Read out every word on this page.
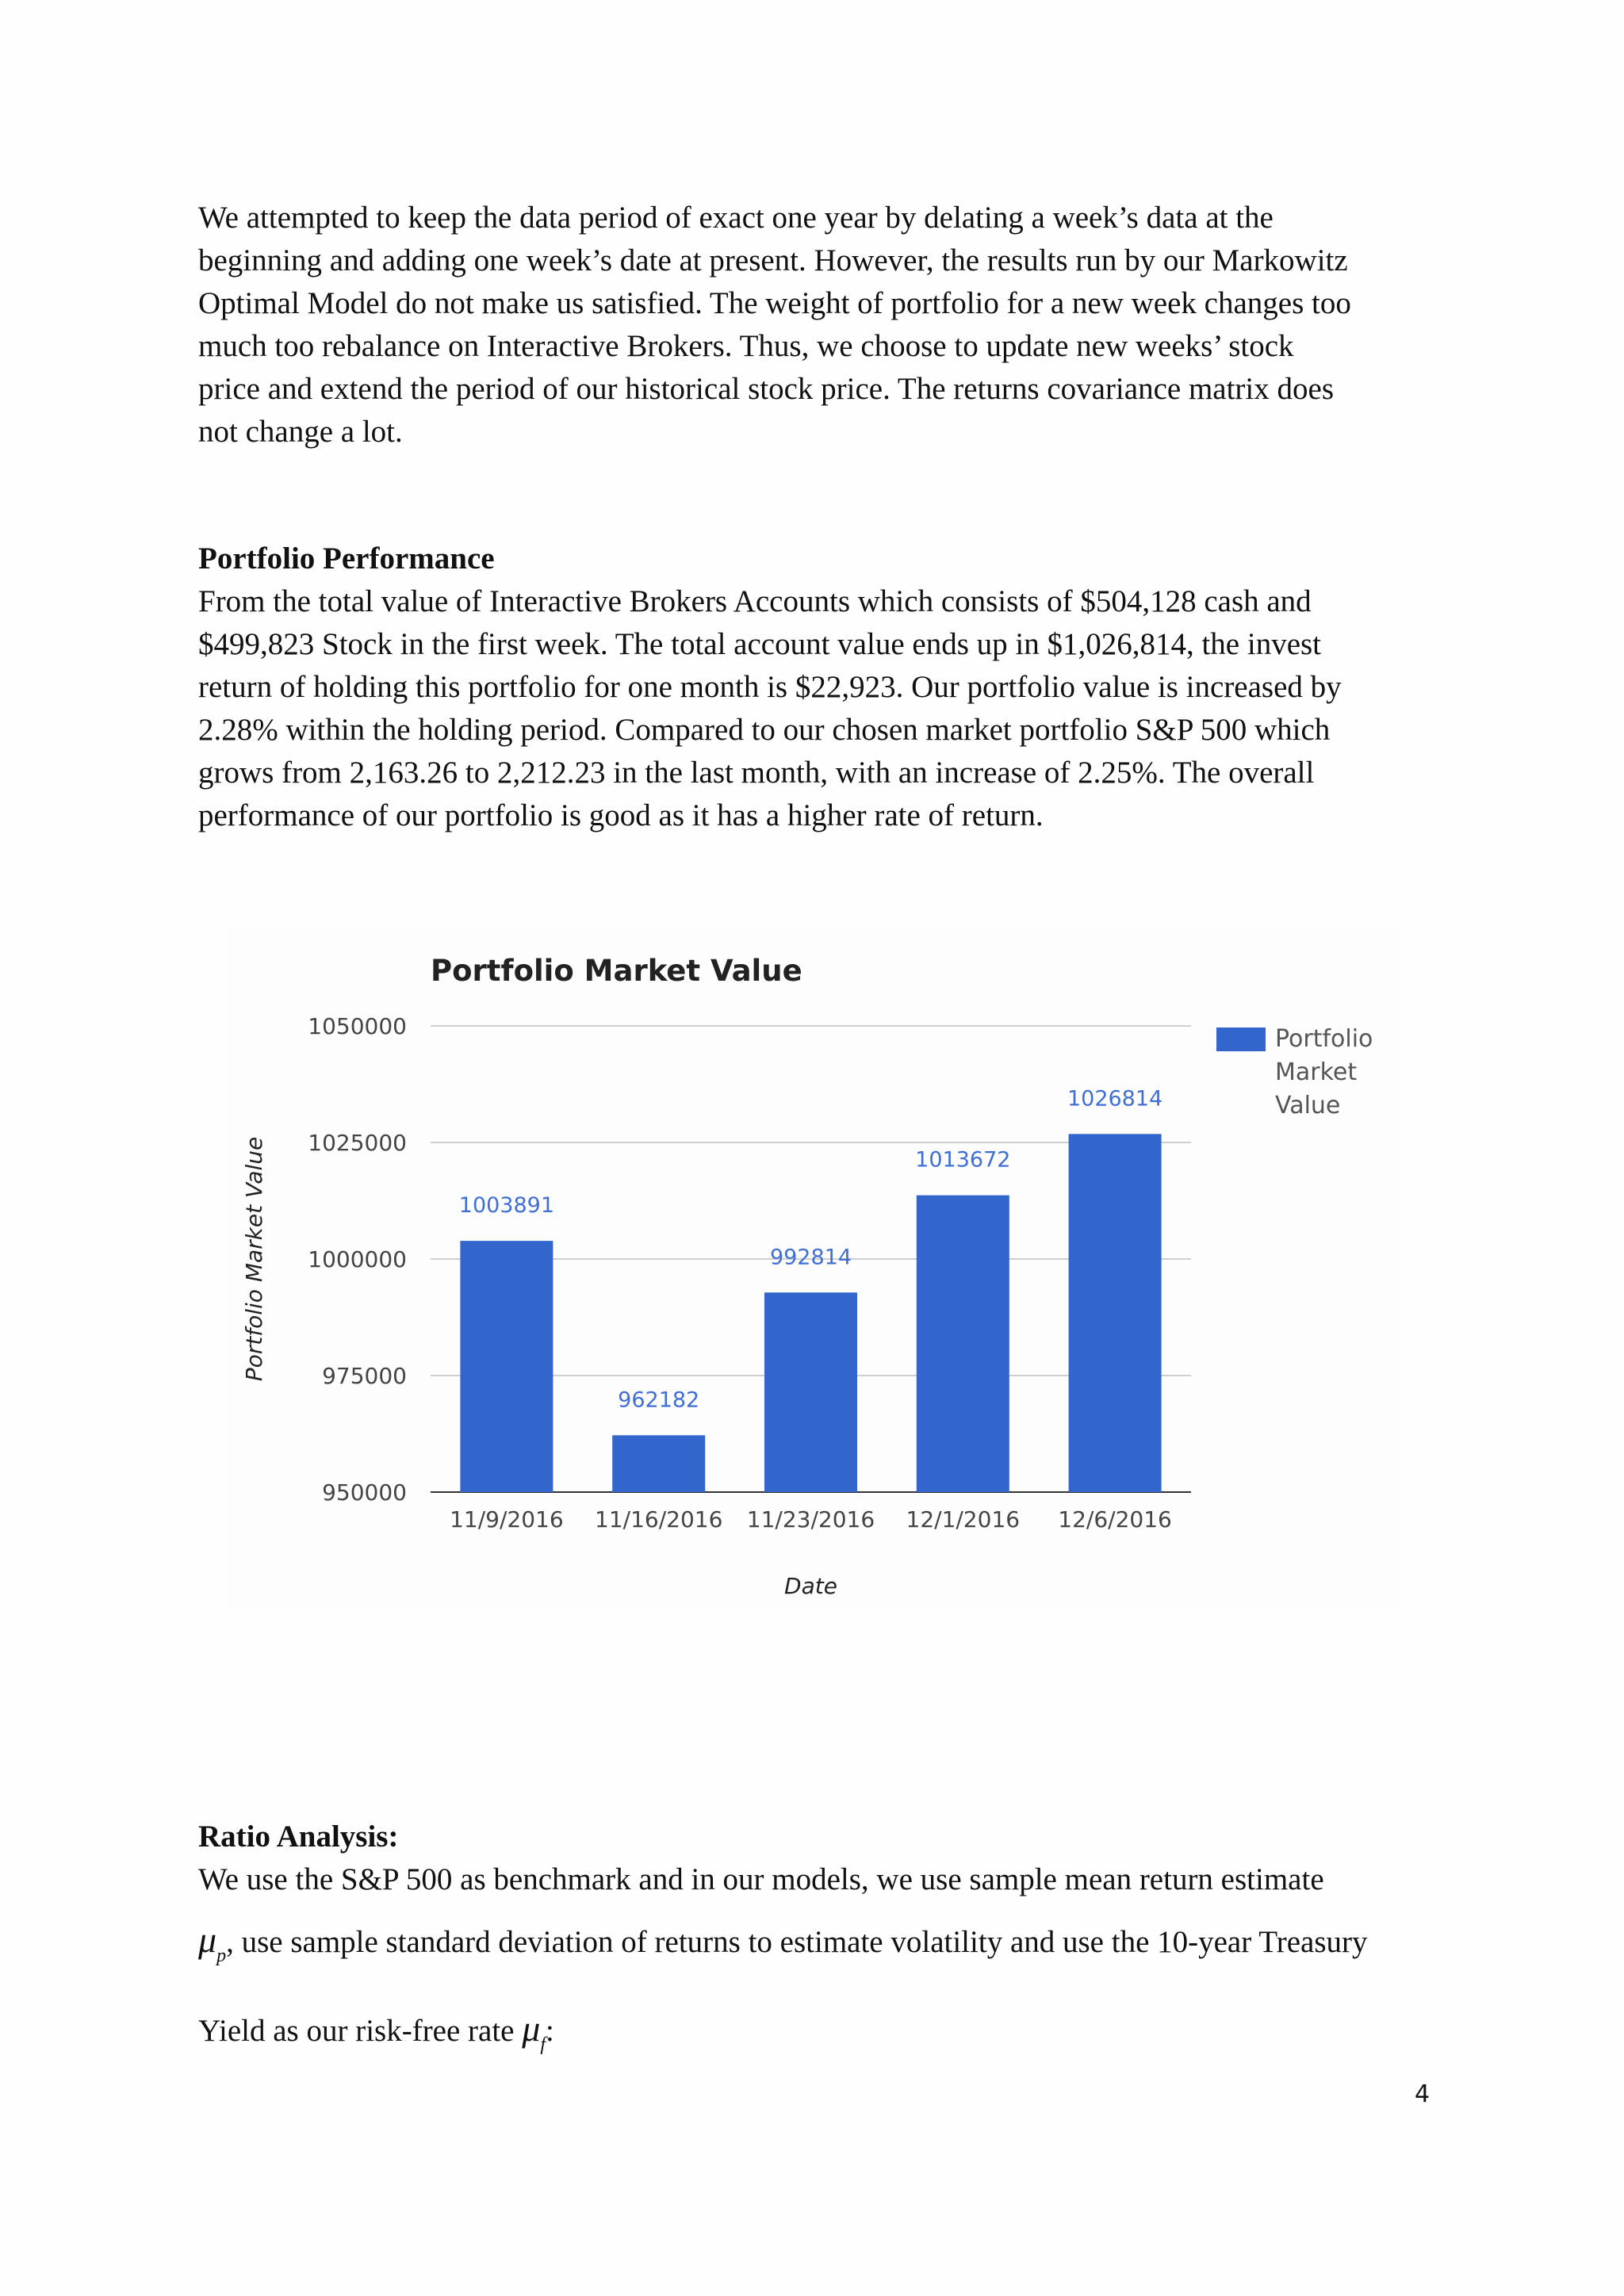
We attempted to keep the data period of exact one year by delating a week’s data at the
beginning and adding one week’s date at present. However, the results run by our Markowitz
Optimal Model do not make us satisfied. The weight of portfolio for a new week changes too
much too rebalance on Interactive Brokers. Thus, we choose to update new weeks’ stock
price and extend the period of our historical stock price. The returns covariance matrix does
not change a lot.
Portfolio Performance
From the total value of Interactive Brokers Accounts which consists of $504,128 cash and
$499,823 Stock in the first week. The total account value ends up in $1,026,814, the invest
return of holding this portfolio for one month is $22,923. Our portfolio value is increased by
2.28% within the holding period. Compared to our chosen market portfolio S&P 500 which
grows from 2,163.26 to 2,212.23 in the last month, with an increase of 2.25%. The overall
performance of our portfolio is good as it has a higher rate of return.
Portfolio Market Value
950000
975000
1000000
1025000
1050000
1003891
962182
992814
1013672
1026814
11/9/2016 11/16/2016 11/23/2016 12/1/2016 12/6/2016
Portfolio Market Value
Date
Portfolio
Market
Value
Ratio Analysis:
We use the S&P 500 as benchmark and in our models, we use sample mean return estimate
$\mu_p$, use sample standard deviation of returns to estimate volatility and use the 10-year Treasury
Yield as our risk-free rate $\mu_f$:
4
